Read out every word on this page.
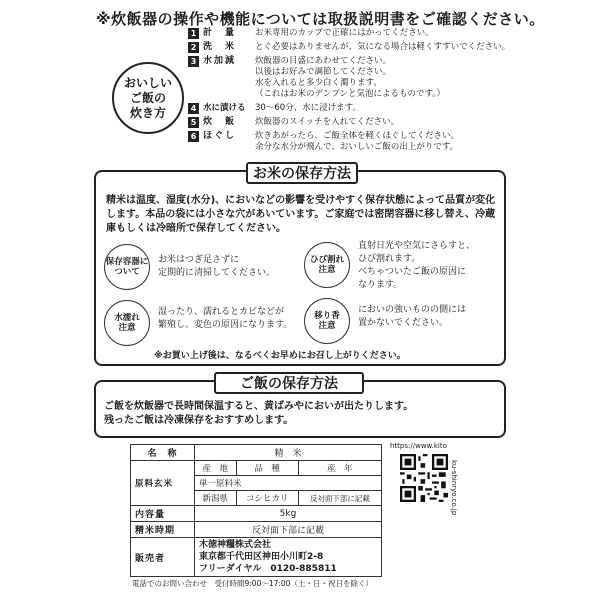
※炊飯器の操作や機能については取扱説明書をご確認ください。
おいしい
ご飯の
炊き方
1 計　量	お米専用のカップで正確にはかってください。
2 洗　米	とぐ必要はありませんが、気になる場合は軽くすすいでください。
3 水加減	炊飯器の目盛にあわせてください。
以後はお好みで調節してください。
水を入れると多少白く濁ります。
（これはお米のデンプンと気泡によるものです。）
4 水に漬ける	30～60分、水に浸けます。
5 炊　飯	炊飯器のスイッチを入れてください。
6 ほぐし	炊きあがったら、ご飯全体を軽くほぐしてください。
余分な水分が飛んで、おいしいご飯の出上がりです。
お米の保存方法
精米は温度、湿度(水分)、においなどの影響を受けやすく保存状態によって品質が変化します。本品の袋には小さな穴があいています。ご家庭では密閉容器に移し替え、冷蔵庫もしくは冷暗所で保存してください。
保存容器に
ついて
お米はつぎ足さずに
定期的に清掃してください。
ひび割れ
注意
直射日光や空気にさらすと、
ひび割れます。
べちゃついたご飯の原因に
なります。
水濡れ
注意
湿ったり、濡れるとカビなどが
繁殖し、変色の原因になります。
移り香
注意
においの強いものの側には
置かないでください。
※お買い上げ後は、なるべくお早めにお召し上がりください。
ご飯の保存方法
ご飯を炊飯器で長時間保温すると、黄ばみやにおいが出たりします。
残ったご飯は冷凍保存をおすすめします。
名　称	精　米		
原料玄米	産　地	品　種	産　年
	単一原料米		
	新潟県	コシヒカリ	反対面下部に記載
内容量	5kg		
精米時期	反対面下部に記載		
販売者	木徳神糧株式会社
東京都千代田区神田小川町2-8
フリーダイヤル　0120-885811		
電話でのお問い合わせ　受付時間9:00～17:00（土・日・祝日を除く）
https://www.kito
ku-shinryo.co.jp
